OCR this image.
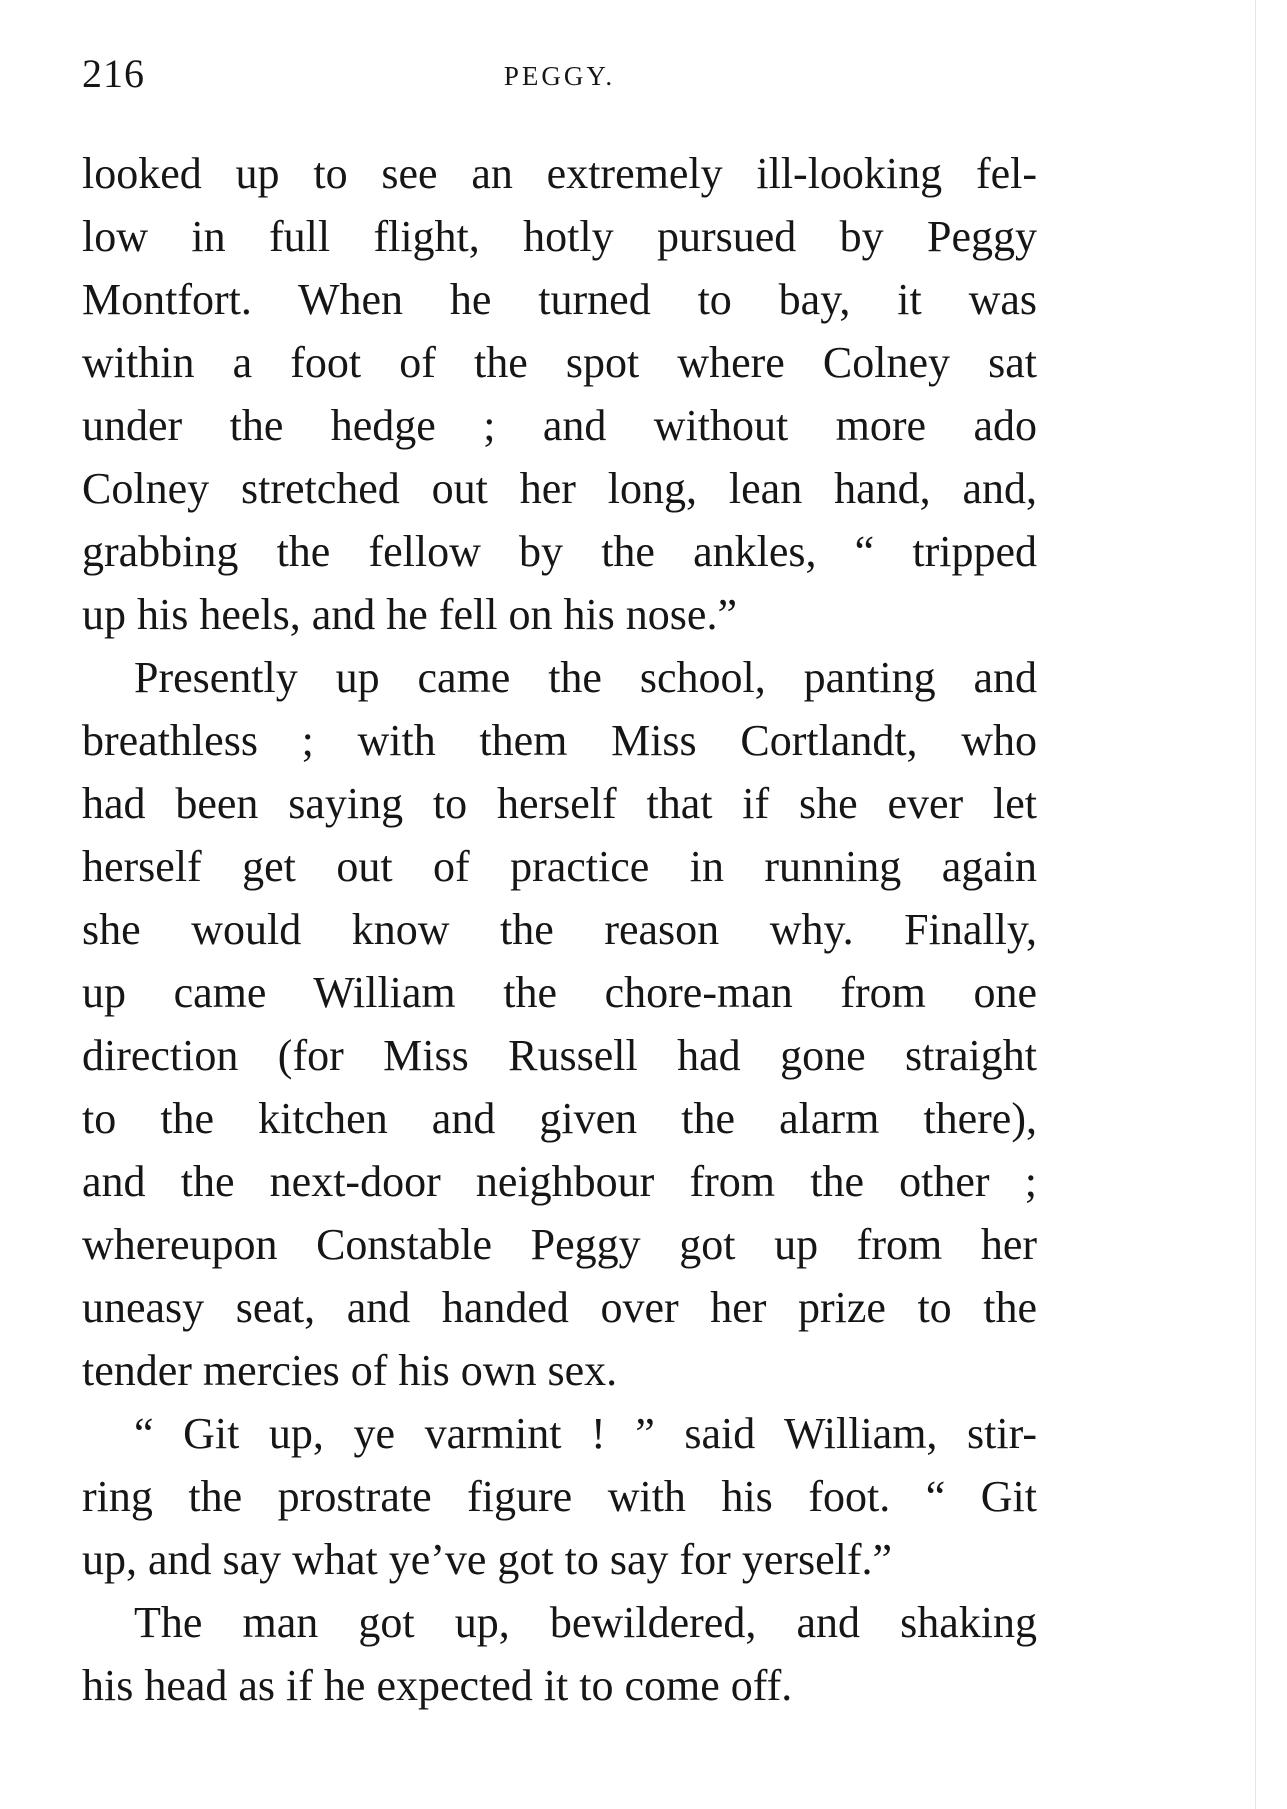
216	PEGGY.
looked up to see an extremely ill-looking fel-
low in full flight, hotly pursued by Peggy
Montfort. When he turned to bay, it was
within a foot of the spot where Colney sat
under the hedge ; and without more ado
Colney stretched out her long, lean hand, and,
grabbing the fellow by the ankles, “ tripped
up his heels, and he fell on his nose.”
Presently up came the school, panting and
breathless ; with them Miss Cortlandt, who
had been saying to herself that if she ever let
herself get out of practice in running again
she would know the reason why. Finally,
up came William the chore-man from one
direction (for Miss Russell had gone straight
to the kitchen and given the alarm there),
and the next-door neighbour from the other ;
whereupon Constable Peggy got up from her
uneasy seat, and handed over her prize to the
tender mercies of his own sex.
“ Git up, ye varmint ! ” said William, stir-
ring the prostrate figure with his foot. “ Git
up, and say what ye’ve got to say for yerself.”
The man got up, bewildered, and shaking
his head as if he expected it to come off.
